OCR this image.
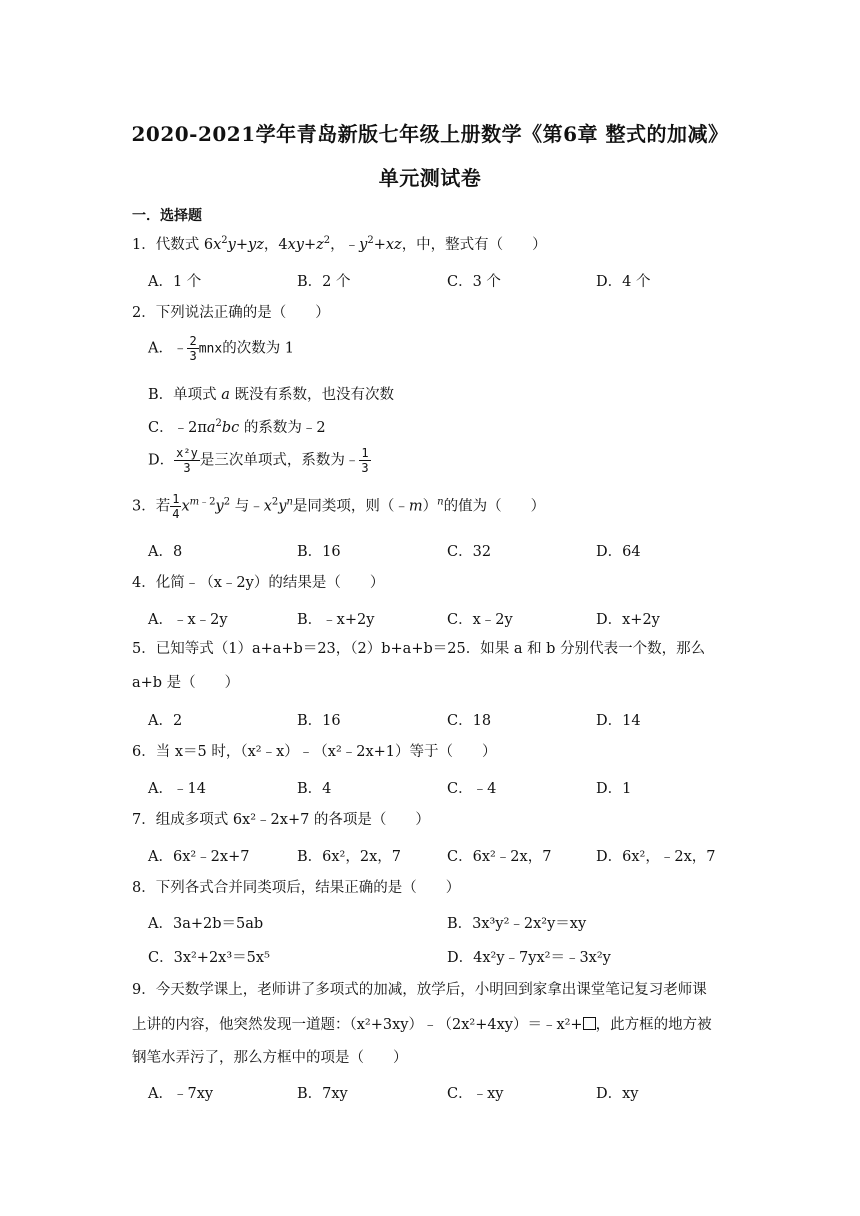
2020-2021学年青岛新版七年级上册数学《第6章 整式的加减》
单元测试卷
一．选择题
1．代数式 $6x^2y+yz$，$4xy+z^2$，$﹣y^2+xz$，中，整式有（　　）
A．1 个	B．2 个	C．3 个	D．4 个
2．下列说法正确的是（　　）
A．﹣ $\frac{2}{3}$ mnx的次数为 1
B．单项式 a 既没有系数，也没有次数
C．$﹣2\pi a^2bc$ 的系数为﹣2
D． $\frac{\text{x²y}}{3}$ 是三次单项式，系数为﹣ $\frac{1}{3}$
3．若 $\frac{1}{4} x^{m﹣2}y^2$ 与$﹣x^2y^n$是同类项，则（﹣m）$^n$的值为（　　）
A．8	B．16	C．32	D．64
4．化简﹣（x﹣2y）的结果是（　　）
A．﹣x﹣2y	B．﹣x+2y	C．x﹣2y	D．x+2y
5．已知等式（1）a+a+b＝23，（2）b+a+b＝25．如果 a 和 b 分别代表一个数，那么 a+b 是（　　）
A．2	B．16	C．18	D．14
6．当 x＝5 时，（x²﹣x）﹣（x²﹣2x+1）等于（　　）
A．﹣14	B．4	C．﹣4	D．1
7．组成多项式 6x²﹣2x+7 的各项是（　　）
A．6x²﹣2x+7	B．6x²，2x，7	C．6x²﹣2x，7	D．6x²，﹣2x，7
8．下列各式合并同类项后，结果正确的是（　　）
A．3a+2b＝5ab	B．3x³y²﹣2x²y＝xy
C．3x²+2x³＝5x⁵	D．4x²y﹣7yx²＝﹣3x²y
9．今天数学课上，老师讲了多项式的加减，放学后，小明回到家拿出课堂笔记复习老师课
上讲的内容，他突然发现一道题：（x²+3xy）﹣（2x²+4xy）＝﹣x²+ ，此方框的地方被
钢笔水弄污了，那么方框中的项是（　　）
A．﹣7xy	B．7xy	C．﹣xy	D．xy
